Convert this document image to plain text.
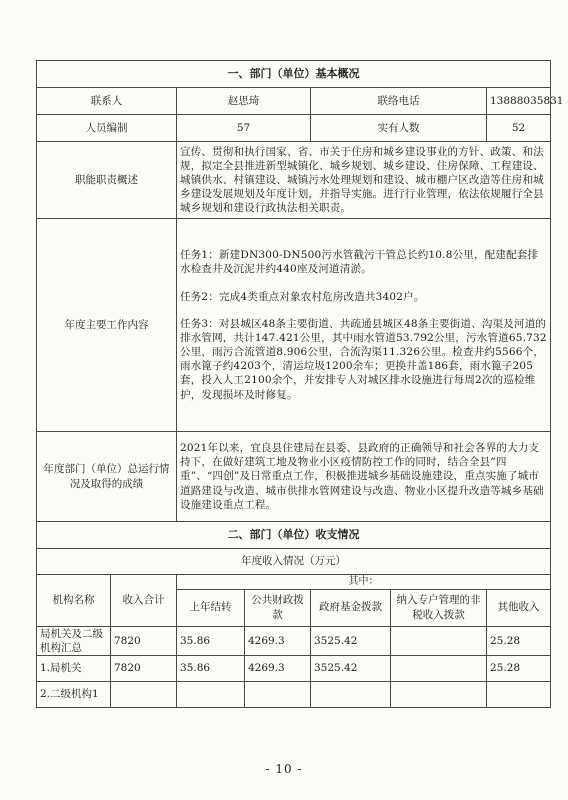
一、部门（单位）基本概况						
联系人		赵思琦		联络电话		13888035831
人员编制		57		实有人数		52
职能职责概述		宣传、贯彻和执行国家、省、市关于住房和城乡建设事业的方针、政策、和法规，拟定全县推进新型城镇化、城乡规划、城乡建设、住房保障、工程建设、城镇供水、村镇建设、城镇污水处理规划和建设、城市棚户区改造等住房和城乡建设发展规划及年度计划，并指导实施。进行行业管理，依法依规履行全县城乡规划和建设行政执法相关职责。				
年度主要工作内容		任务1：新建DN300-DN500污水管截污干管总长约10.8公里，配建配套排水检查井及沉泥井约440座及河道清淤。

任务2：完成4类重点对象农村危房改造共3402户。

任务3：对县城区48条主要街道、共疏通县城区48条主要街道、沟渠及河道的排水管网，共计147.421公里，其中雨水管道53.792公里，污水管道65.732公里，雨污合流管道8.906公里，合流沟渠11.326公里。检查井约5566个，雨水篦子约4203个，清运垃圾1200余车；更换井盖186套，雨水篦子205套，投入人工2100余个，并安排专人对城区排水设施进行每周2次的巡检维护，发现损坏及时修复。				

年度部门（单位）总运行情况及取得的成绩		2021年以来，宜良县住建局在县委、县政府的正确领导和社会各界的大力支持下，在做好建筑工地及物业小区疫情防控工作的同时，结合全县“四重”、“四创”及日常重点工作，积极推进城乡基础设施建设，重点实施了城市道路建设与改造、城市供排水管网建设与改造、物业小区提升改造等城乡基础设施建设重点工程。				
二、部门（单位）收支情况						
年度收入情况（万元）						
机构名称	收入合计	其中：				
		上年结转	公共财政拨款	政府基金拨款	纳入专户管理的非税收入拨款	其他收入
局机关及二级机构汇总	7820	35.86	4269.3	3525.42		25.28
1.局机关	7820	35.86	4269.3	3525.42		25.28
2.二级机构1						
- 10 -
